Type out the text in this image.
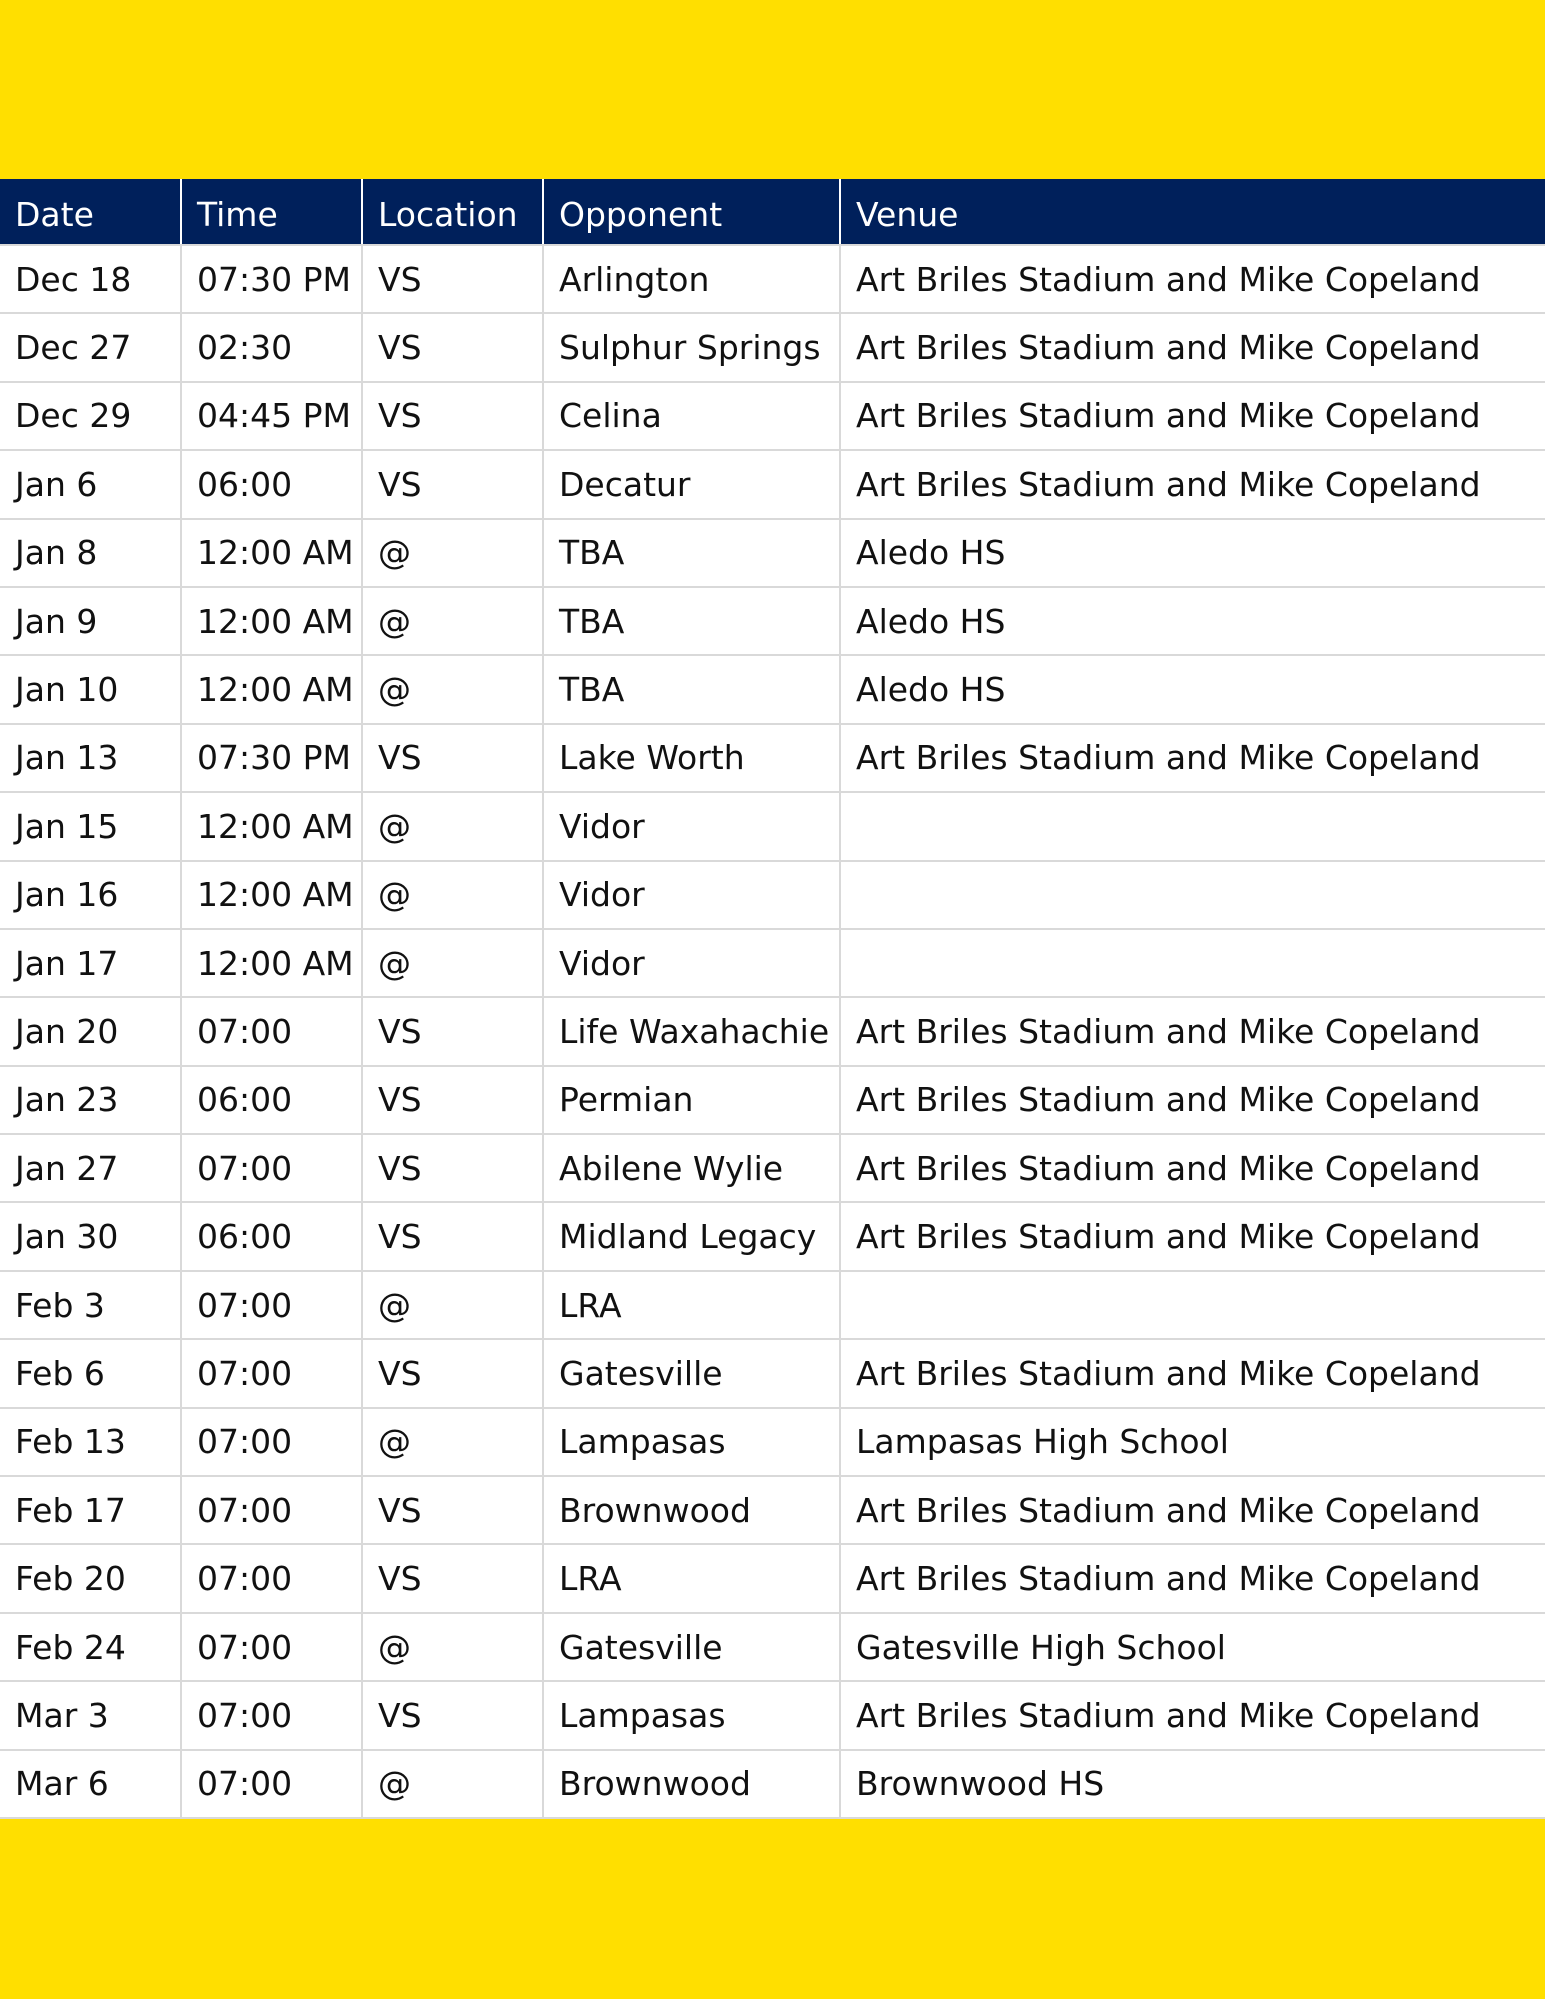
Date	Time	Location	Opponent	Venue
Dec 18	07:30 PM	VS	Arlington	Art Briles Stadium and Mike Copeland
Dec 27	02:30	VS	Sulphur Springs	Art Briles Stadium and Mike Copeland
Dec 29	04:45 PM	VS	Celina	Art Briles Stadium and Mike Copeland
Jan 6	06:00	VS	Decatur	Art Briles Stadium and Mike Copeland
Jan 8	12:00 AM	@	TBA	Aledo HS
Jan 9	12:00 AM	@	TBA	Aledo HS
Jan 10	12:00 AM	@	TBA	Aledo HS
Jan 13	07:30 PM	VS	Lake Worth	Art Briles Stadium and Mike Copeland
Jan 15	12:00 AM	@	Vidor	
Jan 16	12:00 AM	@	Vidor	
Jan 17	12:00 AM	@	Vidor	
Jan 20	07:00	VS	Life Waxahachie	Art Briles Stadium and Mike Copeland
Jan 23	06:00	VS	Permian	Art Briles Stadium and Mike Copeland
Jan 27	07:00	VS	Abilene Wylie	Art Briles Stadium and Mike Copeland
Jan 30	06:00	VS	Midland Legacy	Art Briles Stadium and Mike Copeland
Feb 3	07:00	@	LRA	
Feb 6	07:00	VS	Gatesville	Art Briles Stadium and Mike Copeland
Feb 13	07:00	@	Lampasas	Lampasas High School
Feb 17	07:00	VS	Brownwood	Art Briles Stadium and Mike Copeland
Feb 20	07:00	VS	LRA	Art Briles Stadium and Mike Copeland
Feb 24	07:00	@	Gatesville	Gatesville High School
Mar 3	07:00	VS	Lampasas	Art Briles Stadium and Mike Copeland
Mar 6	07:00	@	Brownwood	Brownwood HS
